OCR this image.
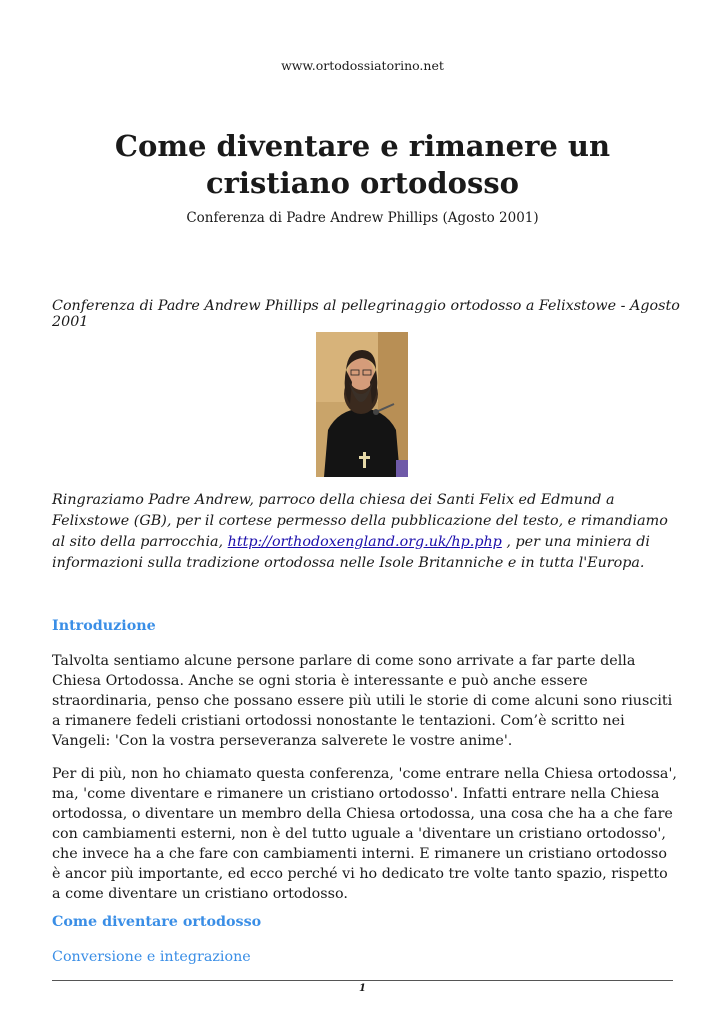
www.ortodossiatorino.net
Come diventare e rimanere un cristiano ortodosso
Conferenza di Padre Andrew Phillips (Agosto 2001)
Conferenza di Padre Andrew Phillips al pellegrinaggio ortodosso a Felixstowe - Agosto 2001
Ringraziamo Padre Andrew, parroco della chiesa dei Santi Felix ed Edmund a Felixstowe (GB), per il cortese permesso della pubblicazione del testo, e rimandiamo al sito della parrocchia, http://orthodoxengland.org.uk/hp.php , per una miniera di informazioni sulla tradizione ortodossa nelle Isole Britanniche e in tutta l'Europa.
Introduzione

Talvolta sentiamo alcune persone parlare di come sono arrivate a far parte della Chiesa Ortodossa. Anche se ogni storia è interessante e può anche essere straordinaria, penso che possano essere più utili le storie di come alcuni sono riusciti a rimanere fedeli cristiani ortodossi nonostante le tentazioni. Com’è scritto nei Vangeli: 'Con la vostra perseveranza salverete le vostre anime'.

Per di più, non ho chiamato questa conferenza, 'come entrare nella Chiesa ortodossa', ma, 'come diventare e rimanere un cristiano ortodosso'. Infatti entrare nella Chiesa ortodossa, o diventare un membro della Chiesa ortodossa, una cosa che ha a che fare con cambiamenti esterni, non è del tutto uguale a 'diventare un cristiano ortodosso', che invece ha a che fare con cambiamenti interni. E rimanere un cristiano ortodosso è ancor più importante, ed ecco perché vi ho dedicato tre volte tanto spazio, rispetto a come diventare un cristiano ortodosso.

Come diventare ortodosso
Conversione e integrazione
1
